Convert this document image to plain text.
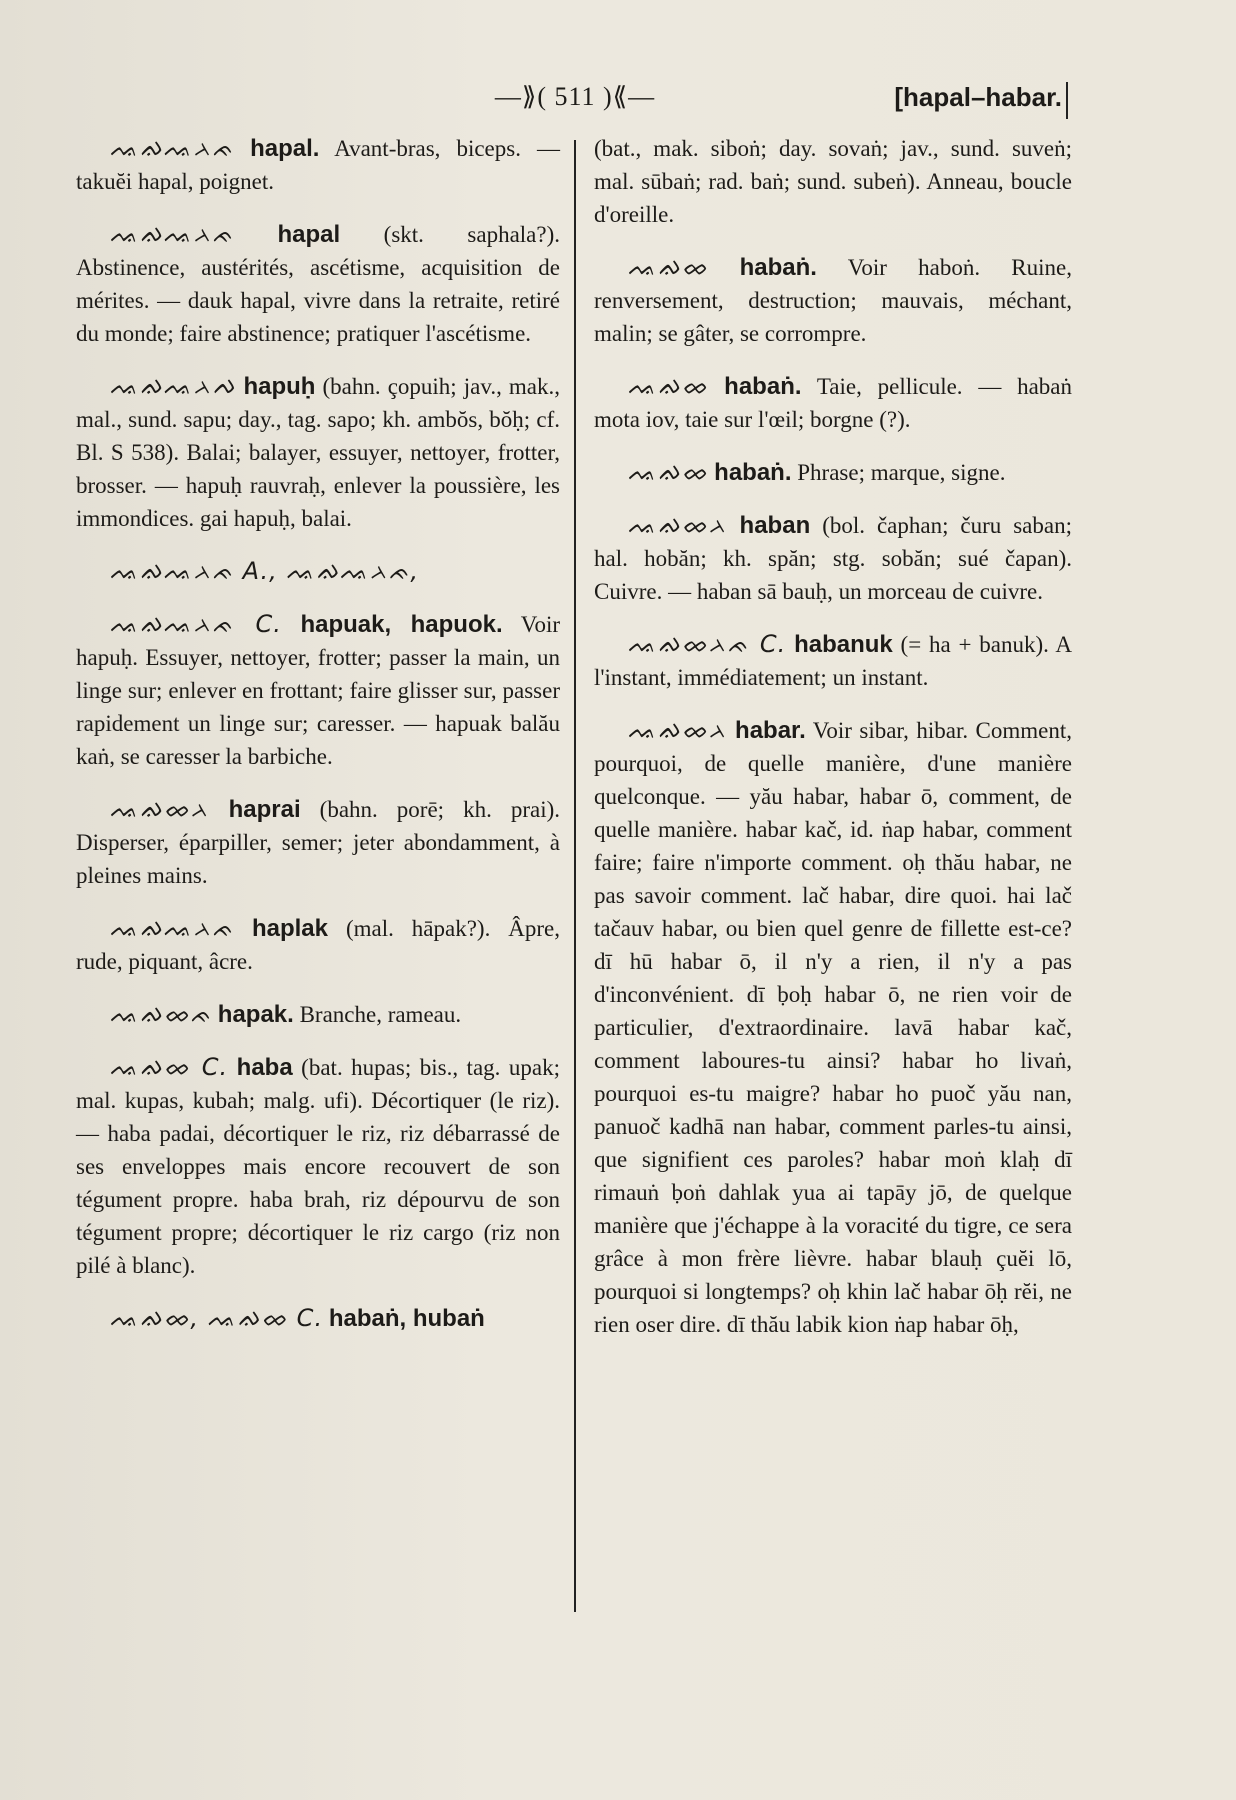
—⟫( 511 )⟪—	[hapal–habar.
ᨕᨁᨕᨂᨃ hapal. Avant-bras, biceps. — takuĕi hapal, poignet.
ᨕᨁᨕᨂᨃ hapal (skt. saphala?). Abstinence, austérités, ascétisme, acquisition de mérites. — dauk hapal, vivre dans la retraite, retiré du monde; faire abstinence; pratiquer l'ascétisme.
ᨕᨁᨕᨂᨄ hapuḥ (bahn. çopuih; jav., mak., mal., sund. sapu; day., tag. sapo; kh. ambŏs, bŏḥ; cf. Bl. S 538). Balai; balayer, essuyer, nettoyer, frotter, brosser. — hapuḥ rauvraḥ, enlever la poussière, les immondices. gai hapuḥ, balai.
ᨕᨁᨕᨂᨃ A., ᨕᨁᨕᨂᨃ,
ᨕᨁᨕᨂᨃ C. hapuak, hapuok. Voir hapuḥ. Essuyer, nettoyer, frotter; passer la main, un linge sur; enlever en frottant; faire glisser sur, passer rapidement un linge sur; caresser. — hapuak balău kaṅ, se caresser la barbiche.
ᨕᨁᨖᨂ haprai (bahn. porē; kh. prai). Disperser, éparpiller, semer; jeter abondamment, à pleines mains.
ᨕᨁᨕᨂᨃ haplak (mal. hāpak?). Âpre, rude, piquant, âcre.
ᨕᨁᨖᨃ hapak. Branche, rameau.
ᨕᨁᨖ C. haba (bat. hupas; bis., tag. upak; mal. kupas, kubah; malg. ufi). Décortiquer (le riz). — haba padai, décortiquer le riz, riz débarrassé de ses enveloppes mais encore recouvert de son tégument propre. haba brah, riz dépourvu de son tégument propre; décortiquer le riz cargo (riz non pilé à blanc).
ᨕᨁᨖ, ᨕᨁᨖ C. habaṅ, hubaṅ
(bat., mak. siboṅ; day. sovaṅ; jav., sund. suveṅ; mal. sūbaṅ; rad. baṅ; sund. subeṅ). Anneau, boucle d'oreille.
ᨕᨁᨖ habaṅ. Voir haboṅ. Ruine, renversement, destruction; mauvais, méchant, malin; se gâter, se corrompre.
ᨕᨁᨖ habaṅ. Taie, pellicule. — habaṅ mota iov, taie sur l'œil; borgne (?).
ᨕᨁᨖ habaṅ. Phrase; marque, signe.
ᨕᨁᨖᨂ haban (bol. čaphan; čuru saban; hal. hobăn; kh. spăn; stg. sobăn; sué čapan). Cuivre. — haban sā bauḥ, un morceau de cuivre.
ᨕᨁᨖᨂᨃ C. habanuk (= ha + banuk). A l'instant, immédiatement; un instant.
ᨕᨁᨖᨂ habar. Voir sibar, hibar. Comment, pourquoi, de quelle manière, d'une manière quelconque. — yău habar, habar ō, comment, de quelle manière. habar kač, id. ṅap habar, comment faire; faire n'importe comment. oḥ thău habar, ne pas savoir comment. lač habar, dire quoi. hai lač tačauv habar, ou bien quel genre de fillette est-ce? dī hū habar ō, il n'y a rien, il n'y a pas d'inconvénient. dī ḅoḥ habar ō, ne rien voir de particulier, d'extraordinaire. lavā habar kač, comment laboures-tu ainsi? habar ho livaṅ, pourquoi es-tu maigre? habar ho puoč yău nan, panuoč kadhā nan habar, comment parles-tu ainsi, que signifient ces paroles? habar moṅ klaḥ dī rimauṅ ḅoṅ dahlak yua ai tapāy jō, de quelque manière que j'échappe à la voracité du tigre, ce sera grâce à mon frère lièvre. habar blauḥ çuĕi lō, pourquoi si longtemps? oḥ khin lač habar ōḥ rĕi, ne rien oser dire. dī thău labik kion ṅap habar ōḥ,
